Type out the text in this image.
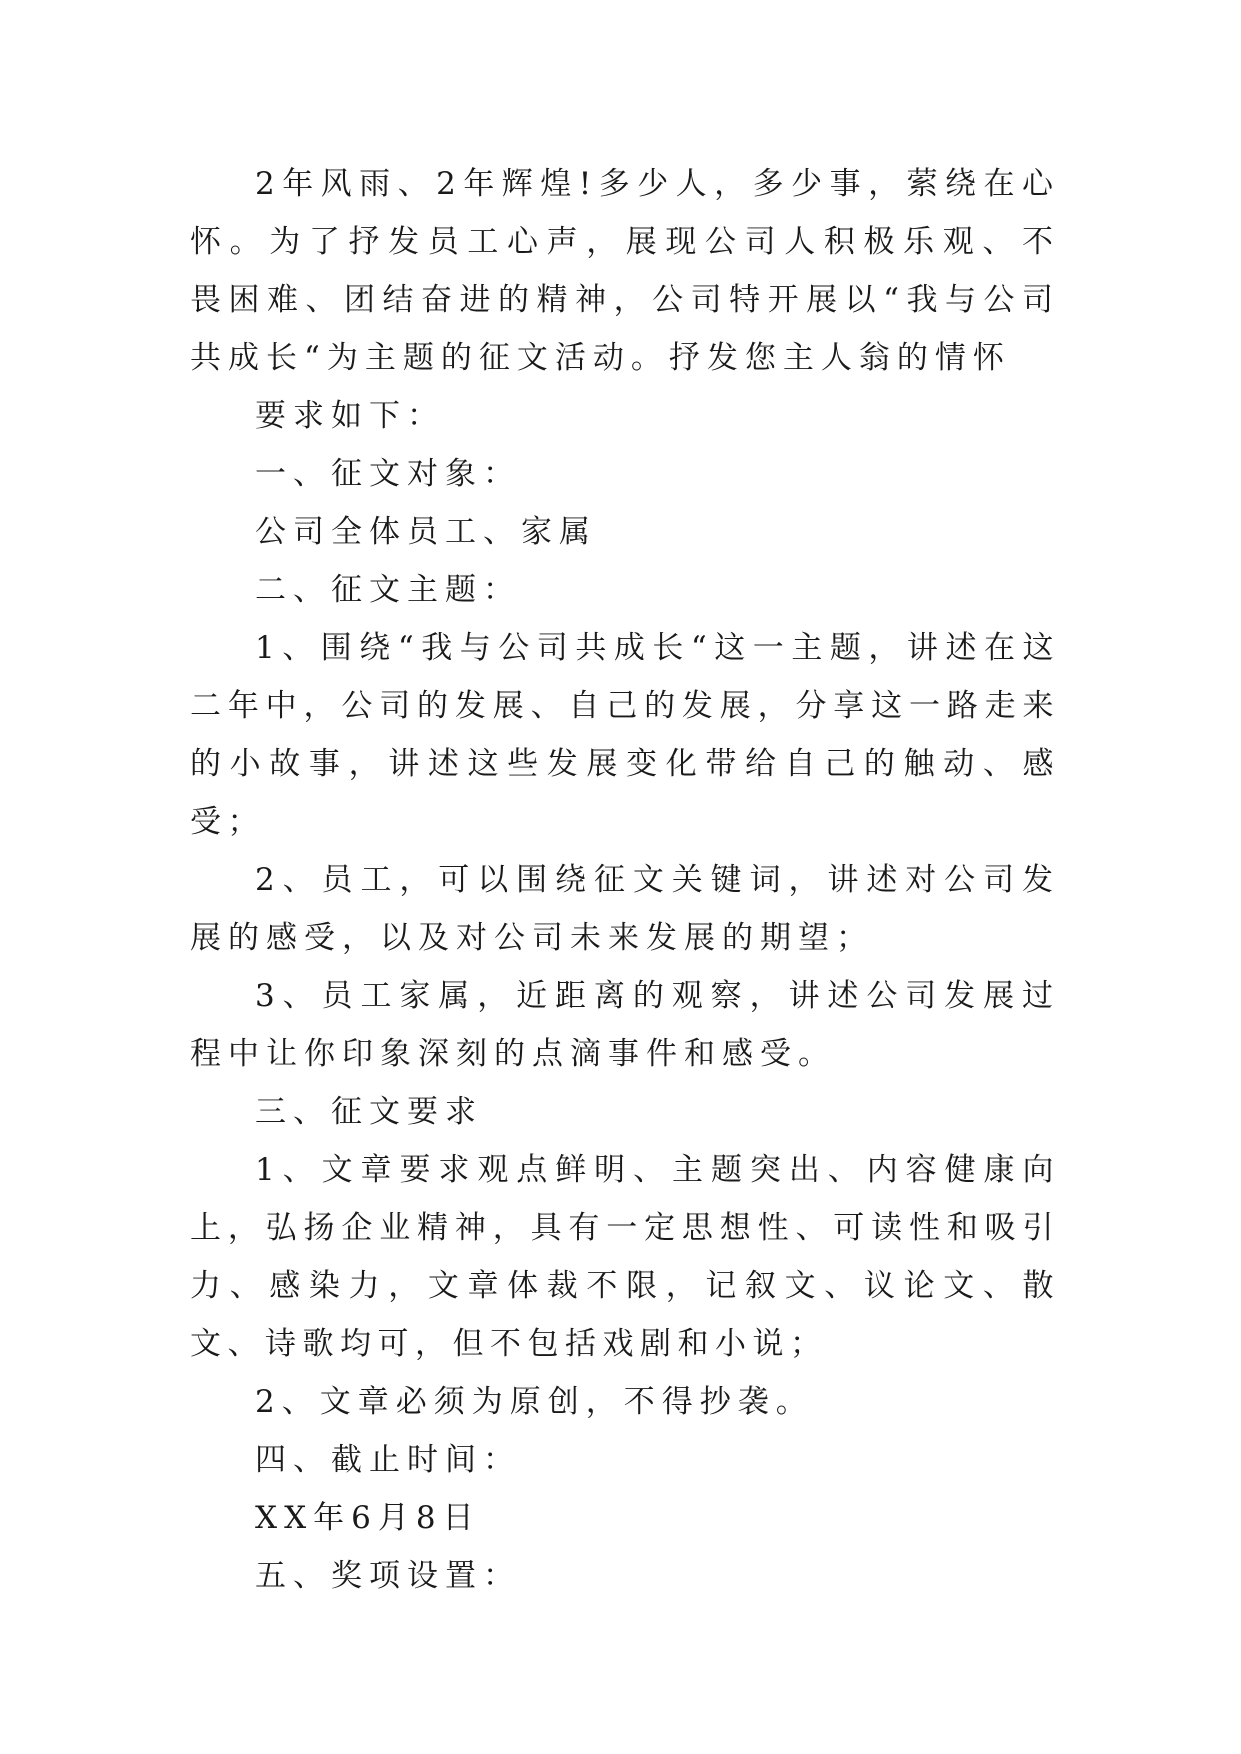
2年风雨、2年辉煌!多少人，多少事，萦绕在心怀。为了抒发员工心声，展现公司人积极乐观、不畏困难、团结奋进的精神，公司特开展以“我与公司共成长“为主题的征文活动。抒发您主人翁的情怀

要求如下：

一、征文对象：

公司全体员工、家属

二、征文主题：

1、围绕“我与公司共成长“这一主题，讲述在这二年中，公司的发展、自己的发展，分享这一路走来的小故事，讲述这些发展变化带给自己的触动、感受；

2、员工，可以围绕征文关键词，讲述对公司发展的感受，以及对公司未来发展的期望；

3、员工家属，近距离的观察，讲述公司发展过程中让你印象深刻的点滴事件和感受。

三、征文要求

1、文章要求观点鲜明、主题突出、内容健康向上，弘扬企业精神，具有一定思想性、可读性和吸引力、感染力，文章体裁不限，记叙文、议论文、散文、诗歌均可，但不包括戏剧和小说；

2、文章必须为原创，不得抄袭。

四、截止时间：

XX年6月8日

五、奖项设置：
